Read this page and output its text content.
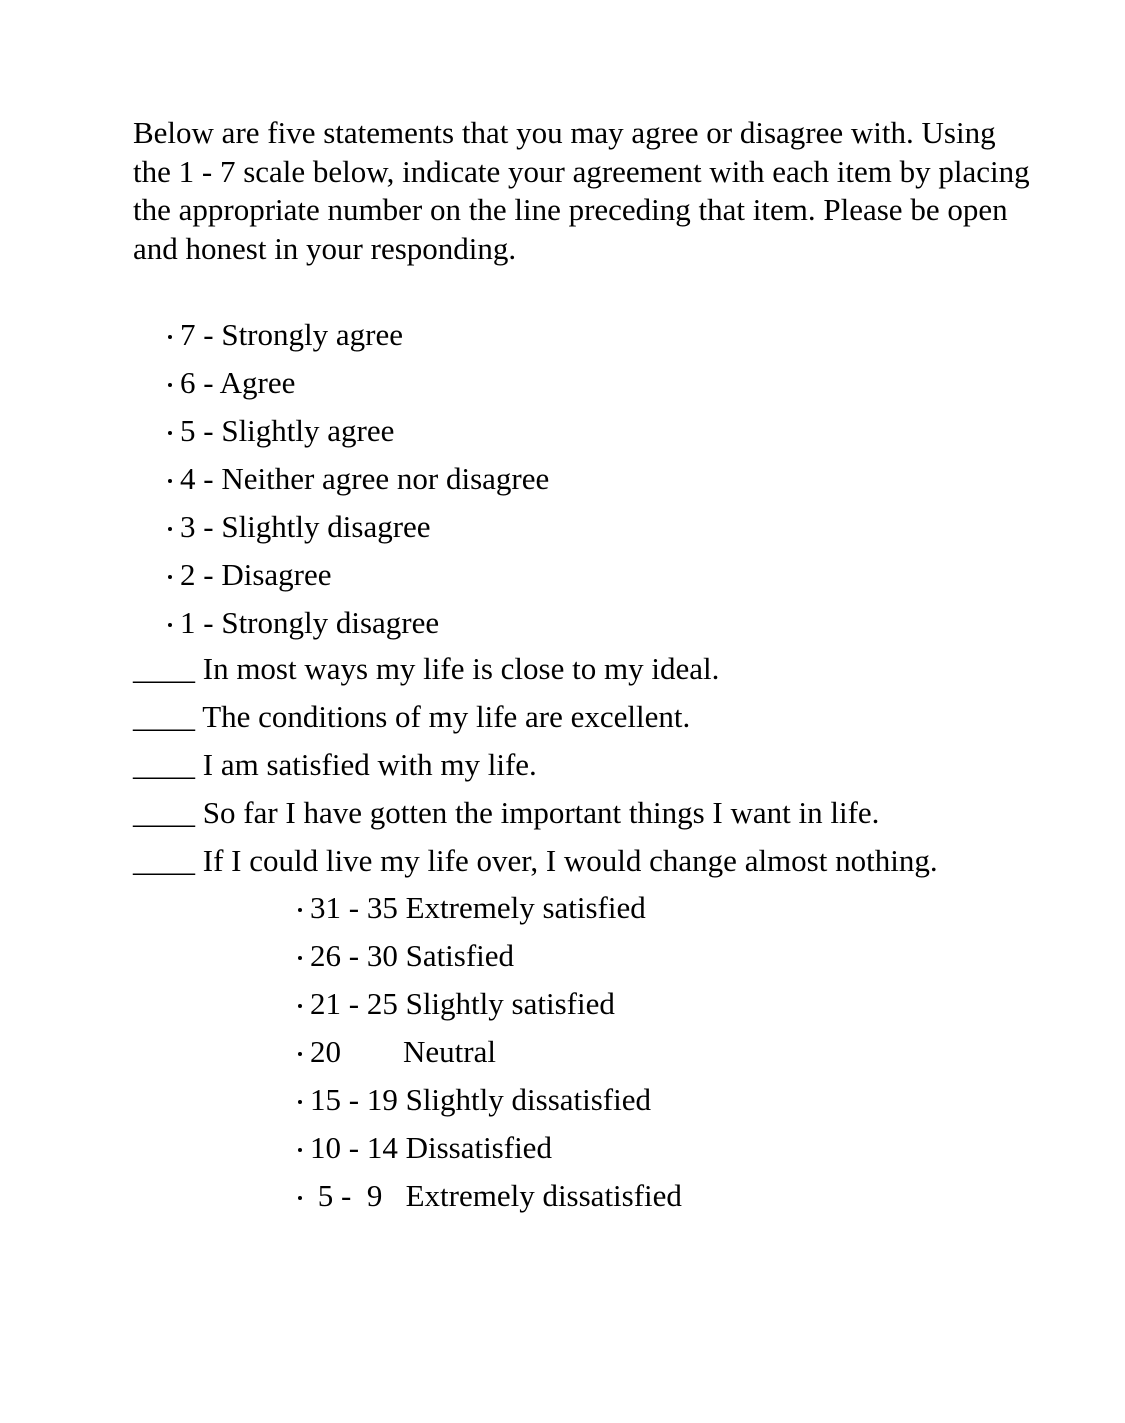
Below are five statements that you may agree or disagree with. Using the 1 - 7 scale below, indicate your agreement with each item by placing the appropriate number on the line preceding that item. Please be open and honest in your responding.

7 - Strongly agree
6 - Agree
5 - Slightly agree
4 - Neither agree nor disagree
3 - Slightly disagree
2 - Disagree
1 - Strongly disagree
____ In most ways my life is close to my ideal.
____ The conditions of my life are excellent.
____ I am satisfied with my life.
____ So far I have gotten the important things I want in life.
____ If I could live my life over, I would change almost nothing.
31 - 35 Extremely satisfied
26 - 30 Satisfied
21 - 25 Slightly satisfied
20        Neutral
15 - 19 Slightly dissatisfied
10 - 14 Dissatisfied
5 -  9   Extremely dissatisfied
